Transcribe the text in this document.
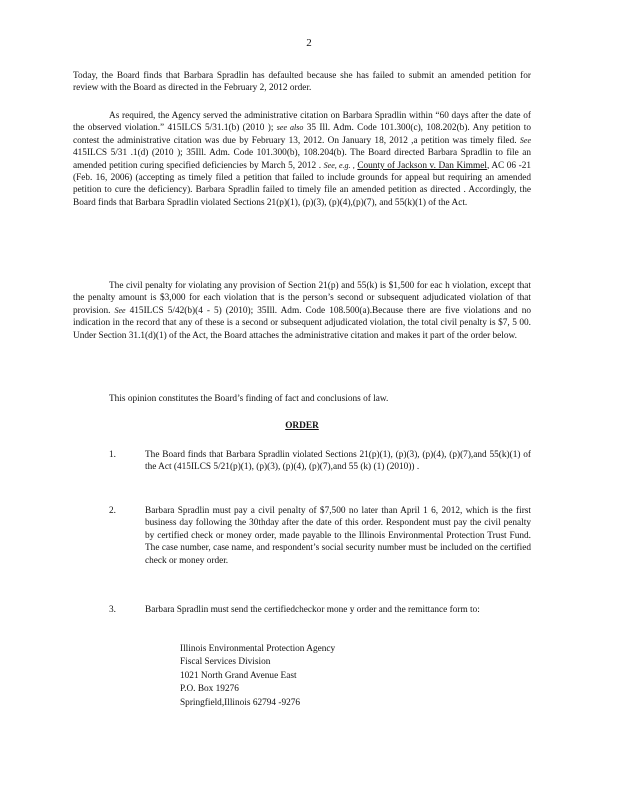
2
Today, the Board finds that Barbara Spradlin has defaulted because she has failed to submit an amended petition for review with the Board as directed in the February 2, 2012 order.
As required, the Agency served the administrative citation on Barbara Spradlin within “60 days after the date of the observed violation.” 415ILCS 5/31.1(b) (2010 ); see also 35 Ill. Adm. Code 101.300(c), 108.202(b). Any petition to contest the administrative citation was due by February 13, 2012. On January 18, 2012 ,a petition was timely filed. See 415ILCS 5/31 .1(d) (2010 ); 35Ill. Adm. Code 101.300(b), 108.204(b). The Board directed Barbara Spradlin to file an amended petition curing specified deficiencies by March 5, 2012 . See, e.g. , County of Jackson v. Dan Kimmel, AC 06 -21 (Feb. 16, 2006) (accepting as timely filed a petition that failed to include grounds for appeal but requiring an amended petition to cure the deficiency). Barbara Spradlin failed to timely file an amended petition as directed . Accordingly, the Board finds that Barbara Spradlin violated Sections 21(p)(1), (p)(3), (p)(4),(p)(7), and 55(k)(1) of the Act.
The civil penalty for violating any provision of Section 21(p) and 55(k) is $1,500 for eac h violation, except that the penalty amount is $3,000 for each violation that is the person’s second or subsequent adjudicated violation of that provision. See 415ILCS 5/42(b)(4 - 5) (2010); 35Ill. Adm. Code 108.500(a).Because there are five violations and no indication in the record that any of these is a second or subsequent adjudicated violation, the total civil penalty is $7, 5 00. Under Section 31.1(d)(1) of the Act, the Board attaches the administrative citation and makes it part of the order below.
This opinion constitutes the Board’s finding of fact and conclusions of law.
ORDER
1.	The Board finds that Barbara Spradlin violated Sections 21(p)(1), (p)(3), (p)(4), (p)(7),and 55(k)(1) of the Act (415ILCS 5/21(p)(1), (p)(3), (p)(4), (p)(7),and 55 (k) (1) (2010)) .
2.	Barbara Spradlin must pay a civil penalty of $7,500 no later than April 1 6, 2012, which is the first business day following the 30thday after the date of this order. Respondent must pay the civil penalty by certified check or money order, made payable to the Illinois Environmental Protection Trust Fund. The case number, case name, and respondent’s social security number must be included on the certified check or money order.
3.	Barbara Spradlin must send the certifiedcheckor mone y order and the remittance form to:
Illinois Environmental Protection Agency
Fiscal Services Division
1021 North Grand Avenue East
P.O. Box 19276
Springfield,Illinois 62794 -9276
